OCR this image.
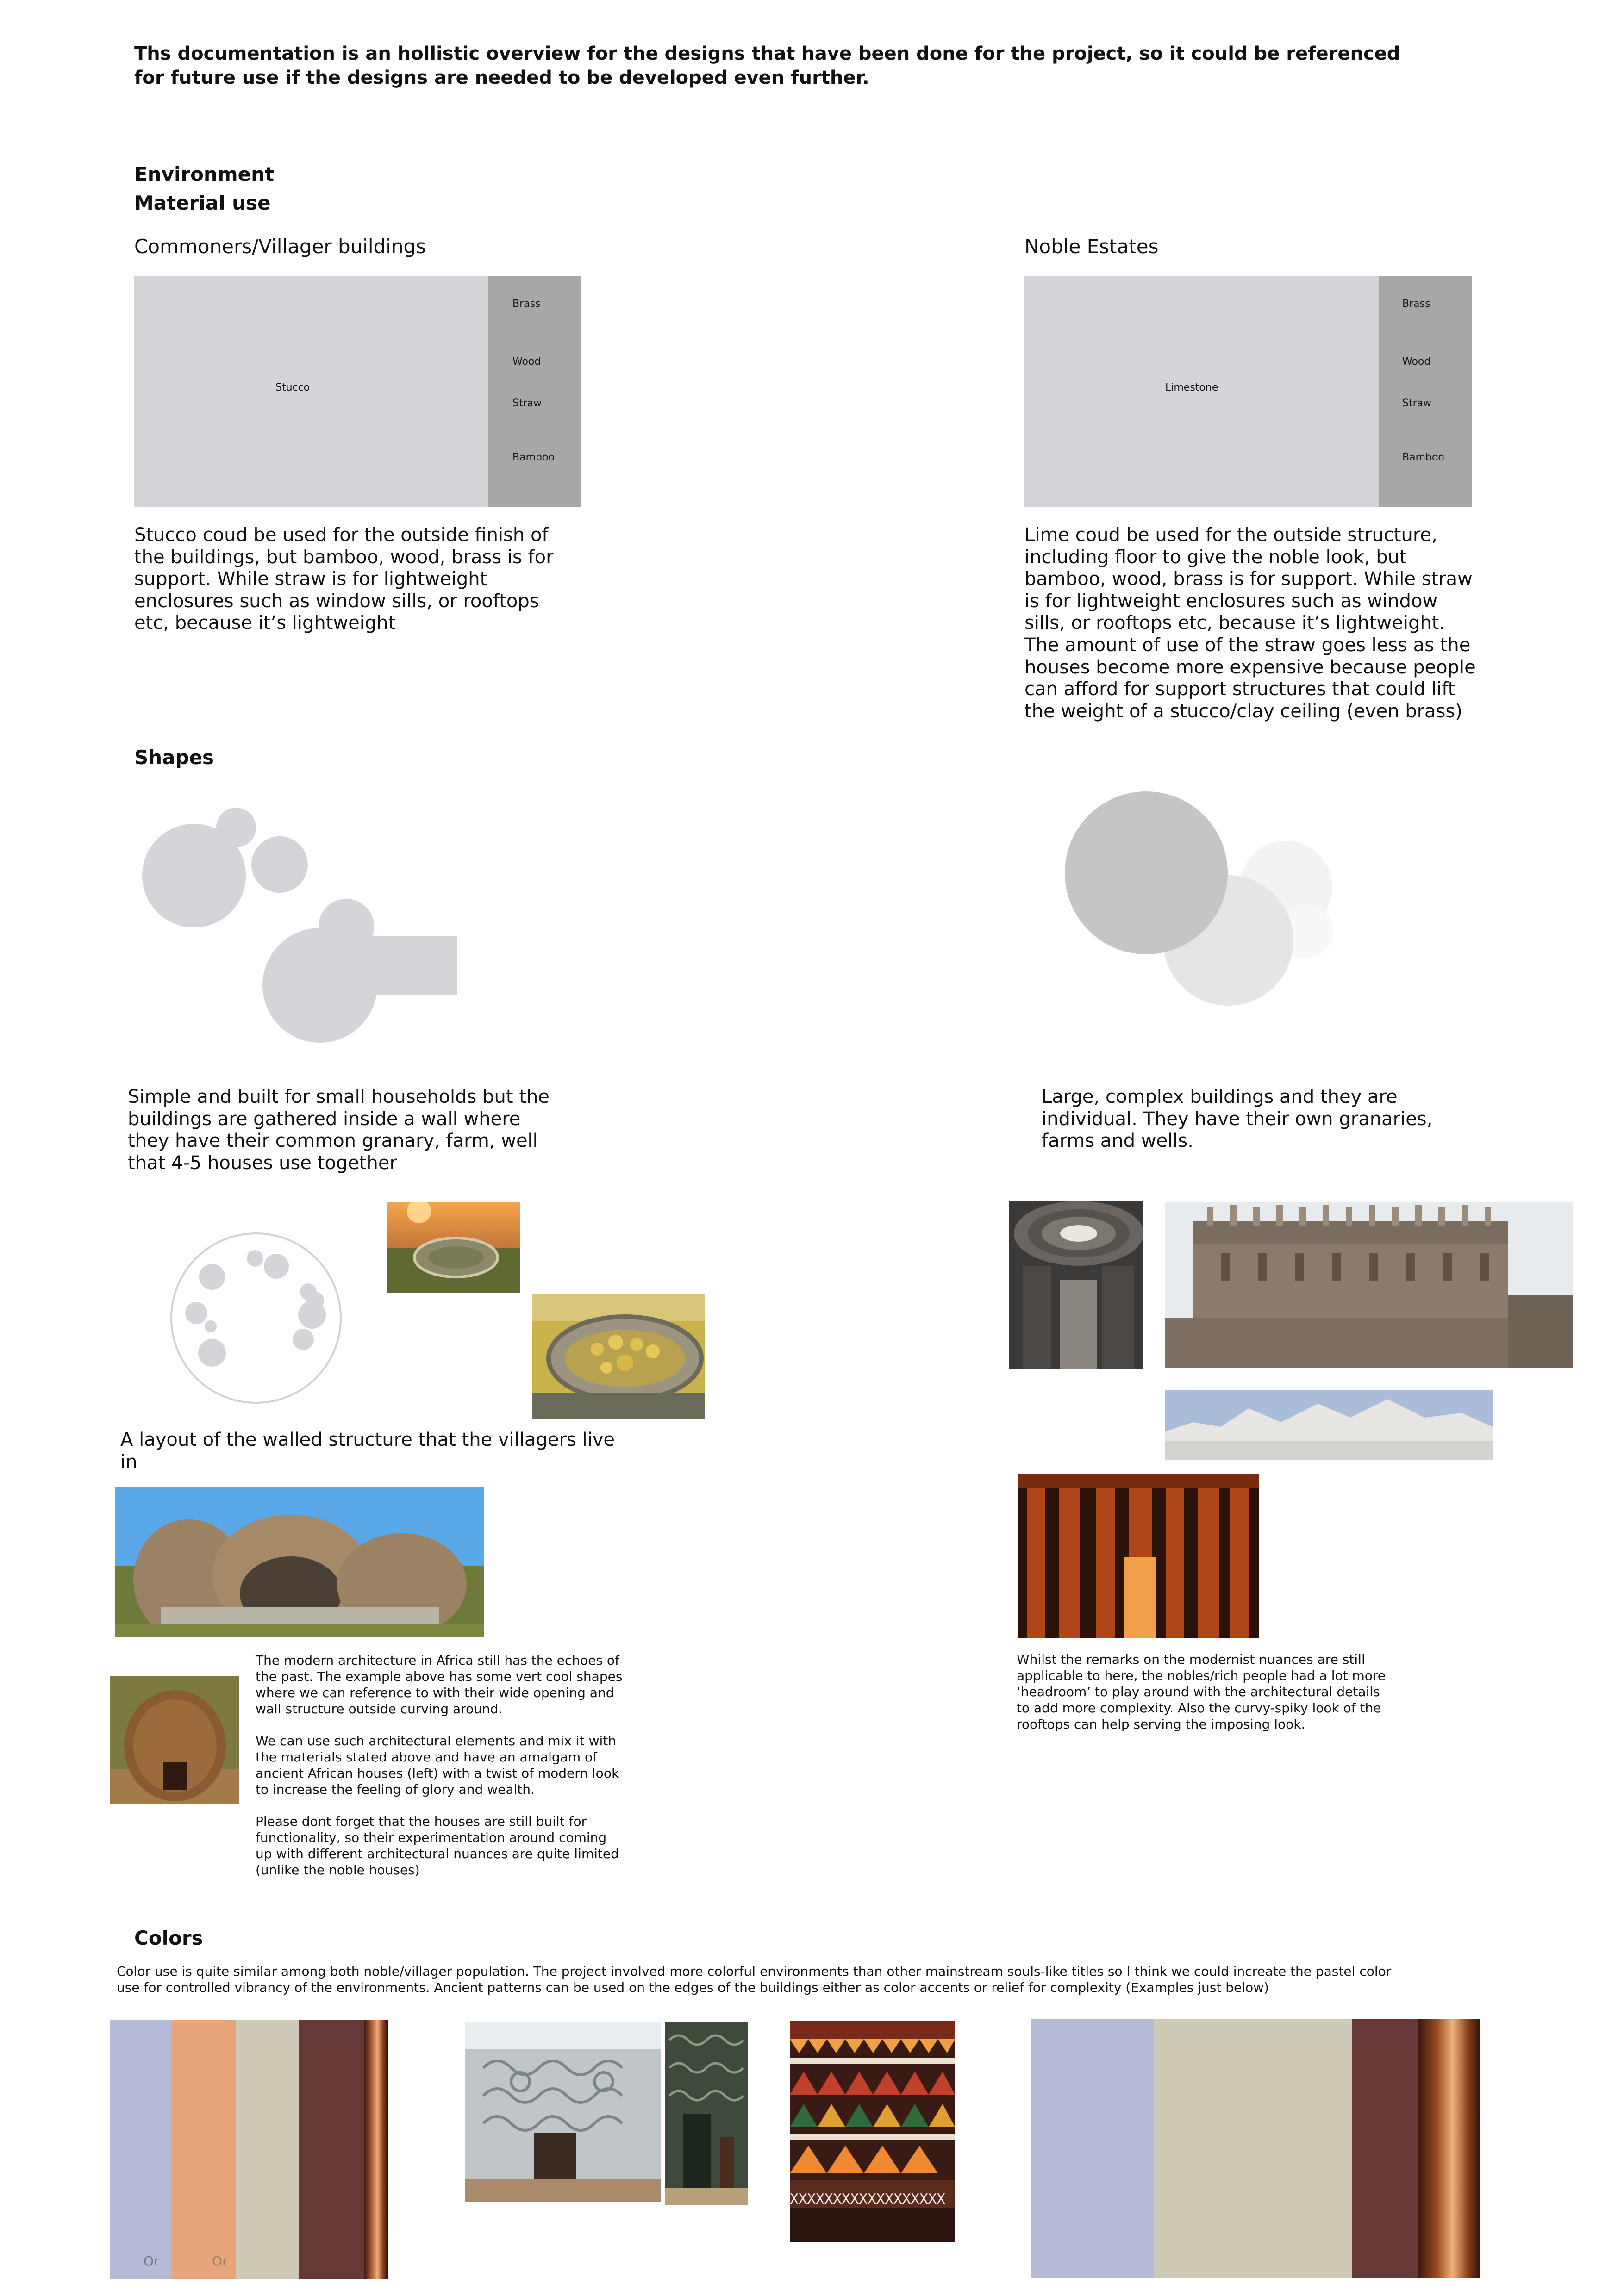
Ths documentation is an hollistic overview for the designs that have been done for the project, so it could be referenced for future use if the designs are needed to be developed even further.
Environment
Material use
Commoners/Villager buildings	Noble Estates
Stucco
Brass
Wood
Straw
Bamboo
Limestone
Brass
Wood
Straw
Bamboo
Stucco coud be used for the outside finish of the buildings, but bamboo, wood, brass is for support. While straw is for lightweight enclosures such as window sills, or rooftops etc, because it’s lightweight
Lime coud be used for the outside structure, including floor to give the noble look, but bamboo, wood, brass is for support. While straw is for lightweight enclosures such as window sills, or rooftops etc, because it’s lightweight. The amount of use of the straw goes less as the houses become more expensive because people can afford for support structures that could lift the weight of a stucco/clay ceiling (even brass)
Shapes
Simple and built for small households but the buildings are gathered inside a wall where they have their common granary, farm, well that 4-5 houses use together
Large, complex buildings and they are individual. They have their own granaries, farms and wells.
A layout of the walled structure that the villagers live in
The modern architecture in Africa still has the echoes of the past. The example above has some vert cool shapes where we can reference to with their wide opening and wall structure outside curving around.
We can use such architectural elements and mix it with the materials stated above and have an amalgam of ancient African houses (left) with a twist of modern look to increase the feeling of glory and wealth.
Please dont forget that the houses are still built for functionality, so their experimentation around coming up with different architectural nuances are quite limited (unlike the noble houses)
Whilst the remarks on the modernist nuances are still applicable to here, the nobles/rich people had a lot more ‘headroom’ to play around with the architectural details to add more complexity. Also the curvy-spiky look of the rooftops can help serving the imposing look.
Colors
Color use is quite similar among both noble/villager population. The project involved more colorful environments than other mainstream souls-like titles so I think we could increate the pastel color use for controlled vibrancy of the environments. Ancient patterns can be used on the edges of the buildings either as color accents or relief for complexity (Examples just below)
Or	Or
XXXXXXXXXXXXXXXXXX
